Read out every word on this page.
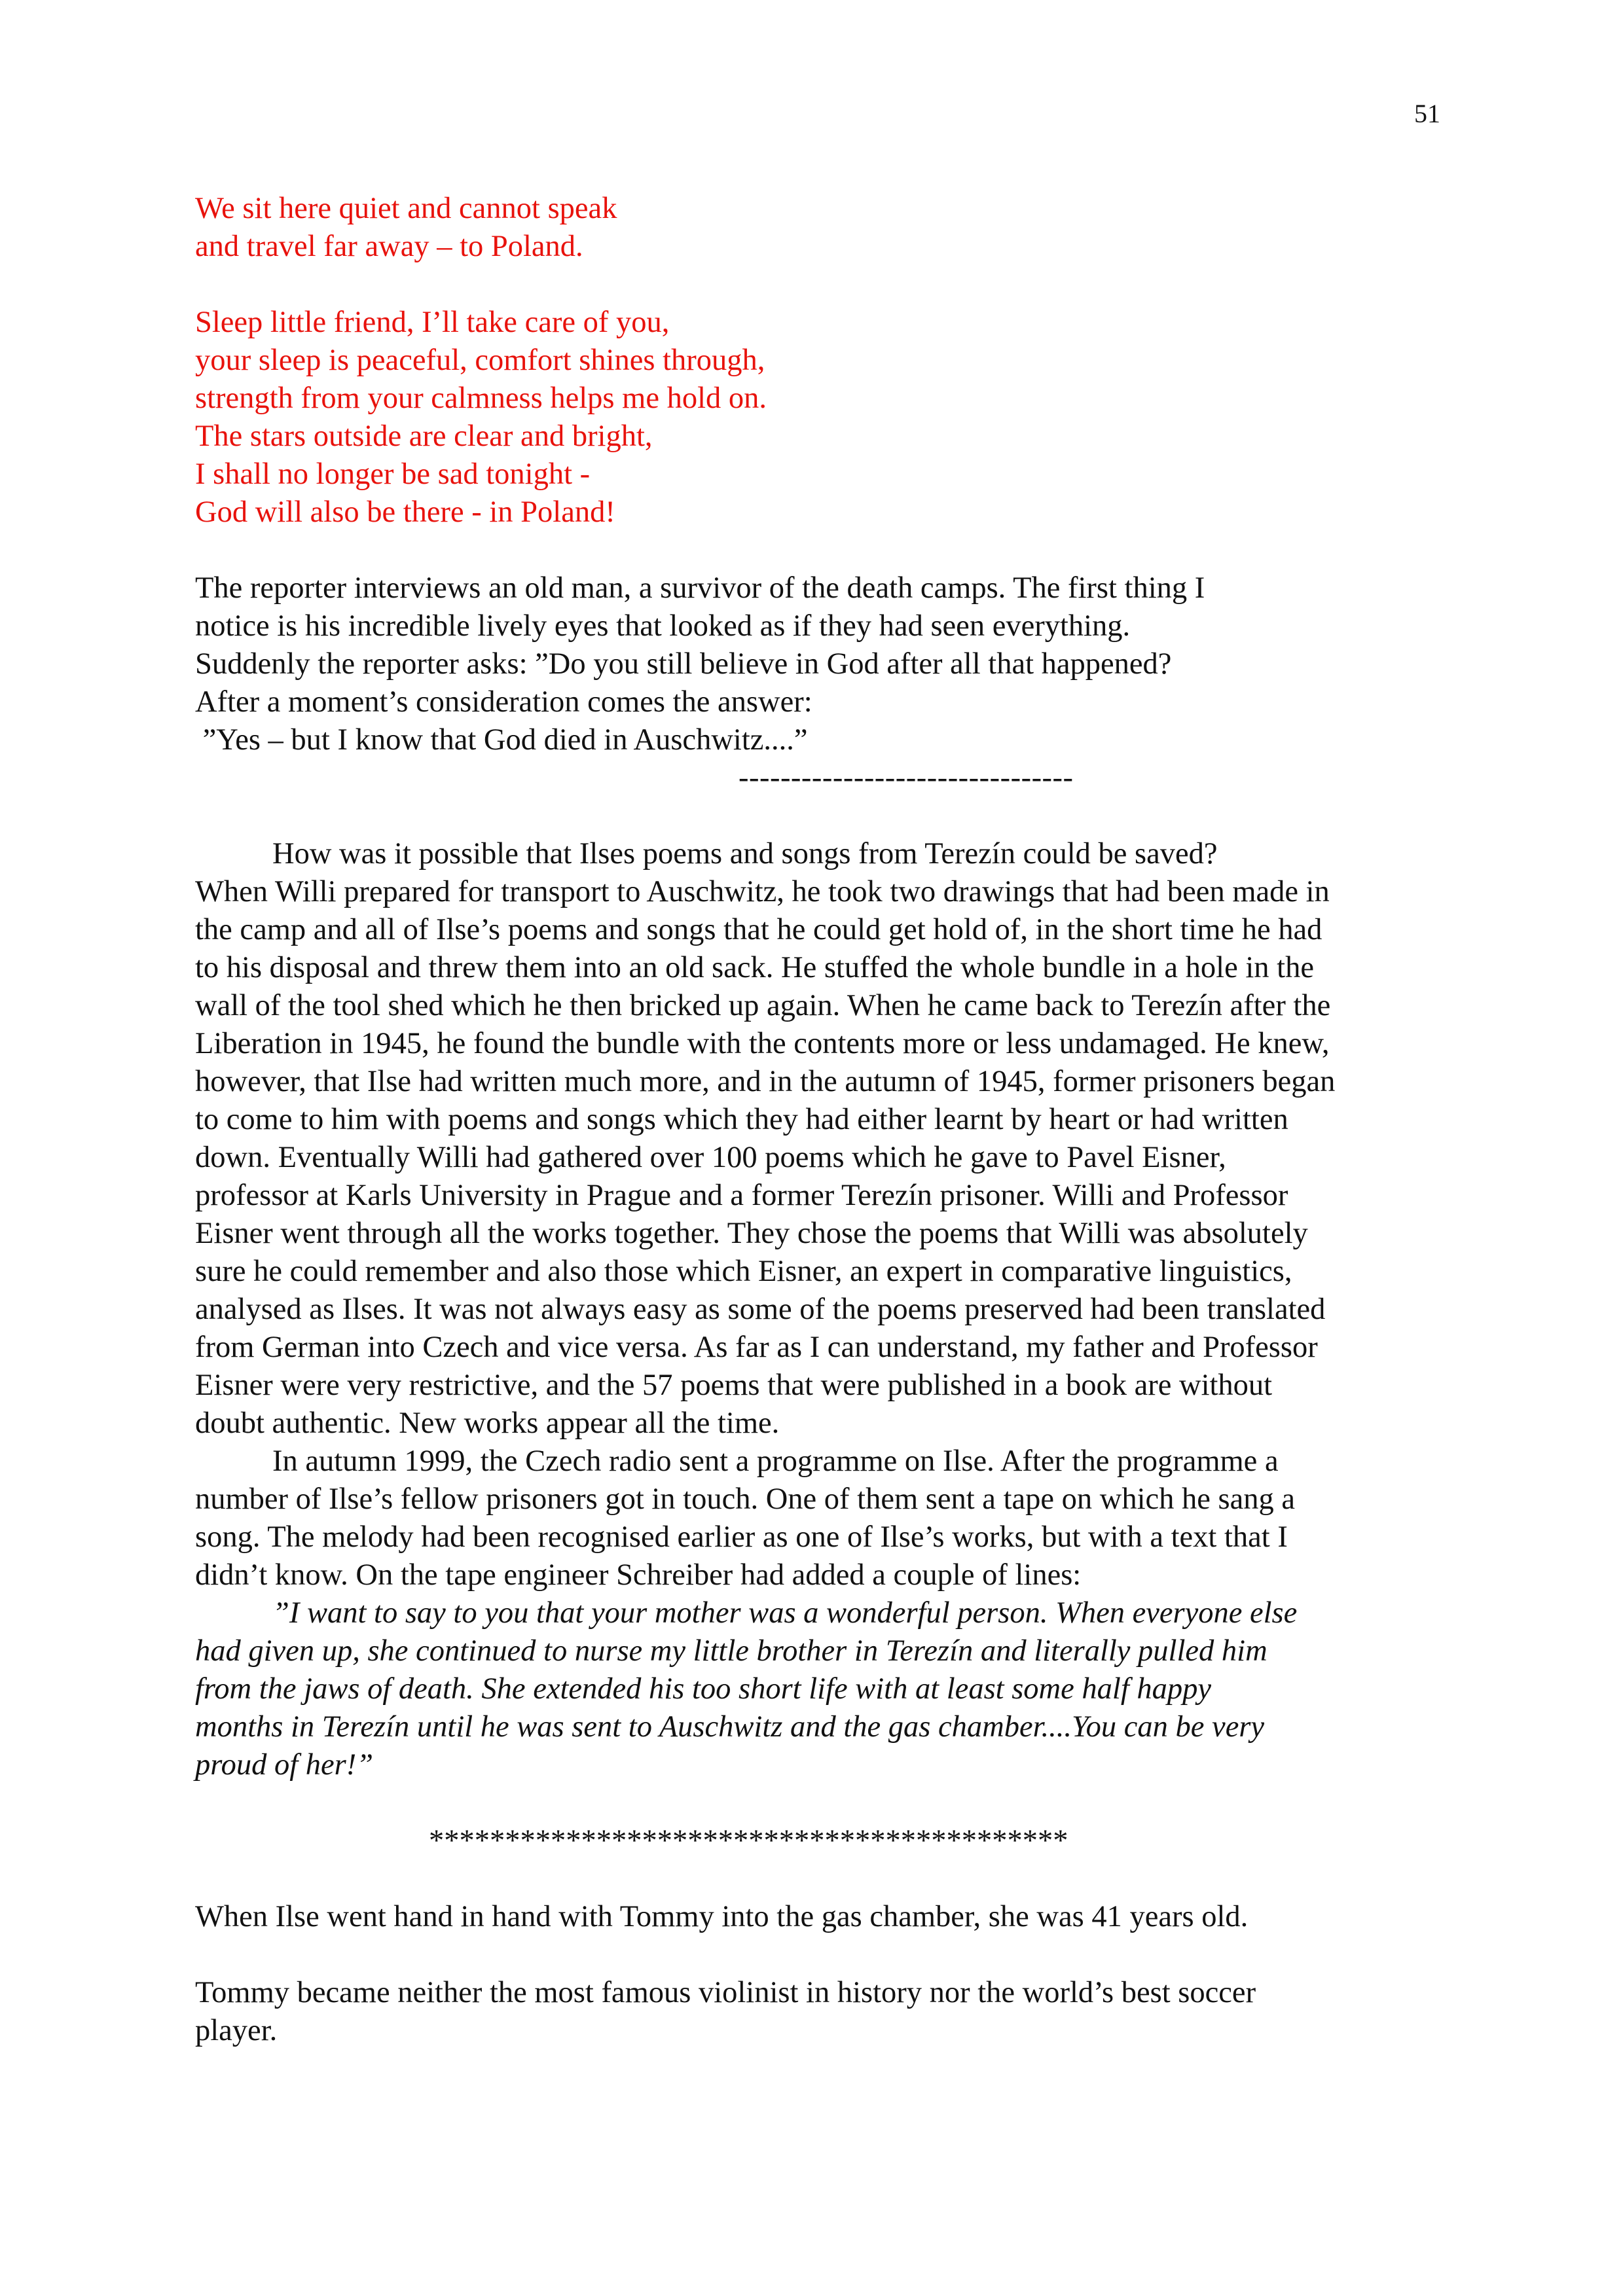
51

We sit here quiet and cannot speak
and travel far away – to Poland.

Sleep little friend, I’ll take care of you,
your sleep is peaceful, comfort shines through,
strength from your calmness helps me hold on.
The stars outside are clear and bright,
I shall no longer be sad tonight -
God will also be there - in Poland!

The reporter interviews an old man, a survivor of the death camps. The first thing I
notice is his incredible lively eyes that looked as if they had seen everything.
Suddenly the reporter asks: ”Do you still believe in God after all that happened?
After a moment’s consideration comes the answer:
”Yes – but I know that God died in Auschwitz....”

--------------------------------

How was it possible that Ilses poems and songs from Terezín could be saved?
When Willi prepared for transport to Auschwitz, he took two drawings that had been made in
the camp and all of Ilse’s poems and songs that he could get hold of, in the short time he had
to his disposal and threw them into an old sack. He stuffed the whole bundle in a hole in the
wall of the tool shed which he then bricked up again. When he came back to Terezín after the
Liberation in 1945, he found the bundle with the contents more or less undamaged. He knew,
however, that Ilse had written much more, and in the autumn of 1945, former prisoners began
to come to him with poems and songs which they had either learnt by heart or had written
down. Eventually Willi had gathered over 100 poems which he gave to Pavel Eisner,
professor at Karls University in Prague and a former Terezín prisoner. Willi and Professor
Eisner went through all the works together. They chose the poems that Willi was absolutely
sure he could remember and also those which Eisner, an expert in comparative linguistics,
analysed as Ilses. It was not always easy as some of the poems preserved had been translated
from German into Czech and vice versa. As far as I can understand, my father and Professor
Eisner were very restrictive, and the 57 poems that were published in a book are without
doubt authentic. New works appear all the time.

In autumn 1999, the Czech radio sent a programme on Ilse. After the programme a
number of Ilse’s fellow prisoners got in touch. One of them sent a tape on which he sang a
song. The melody had been recognised earlier as one of Ilse’s works, but with a text that I
didn’t know. On the tape engineer Schreiber had added a couple of lines:

”I want to say to you that your mother was a wonderful person. When everyone else
had given up, she continued to nurse my little brother in Terezín and literally pulled him
from the jaws of death. She extended his too short life with at least some half happy
months in Terezín until he was sent to Auschwitz and the gas chamber....You can be very
proud of her!”

******************************************

When Ilse went hand in hand with Tommy into the gas chamber, she was 41 years old.

Tommy became neither the most famous violinist in history nor the world’s best soccer
player.
